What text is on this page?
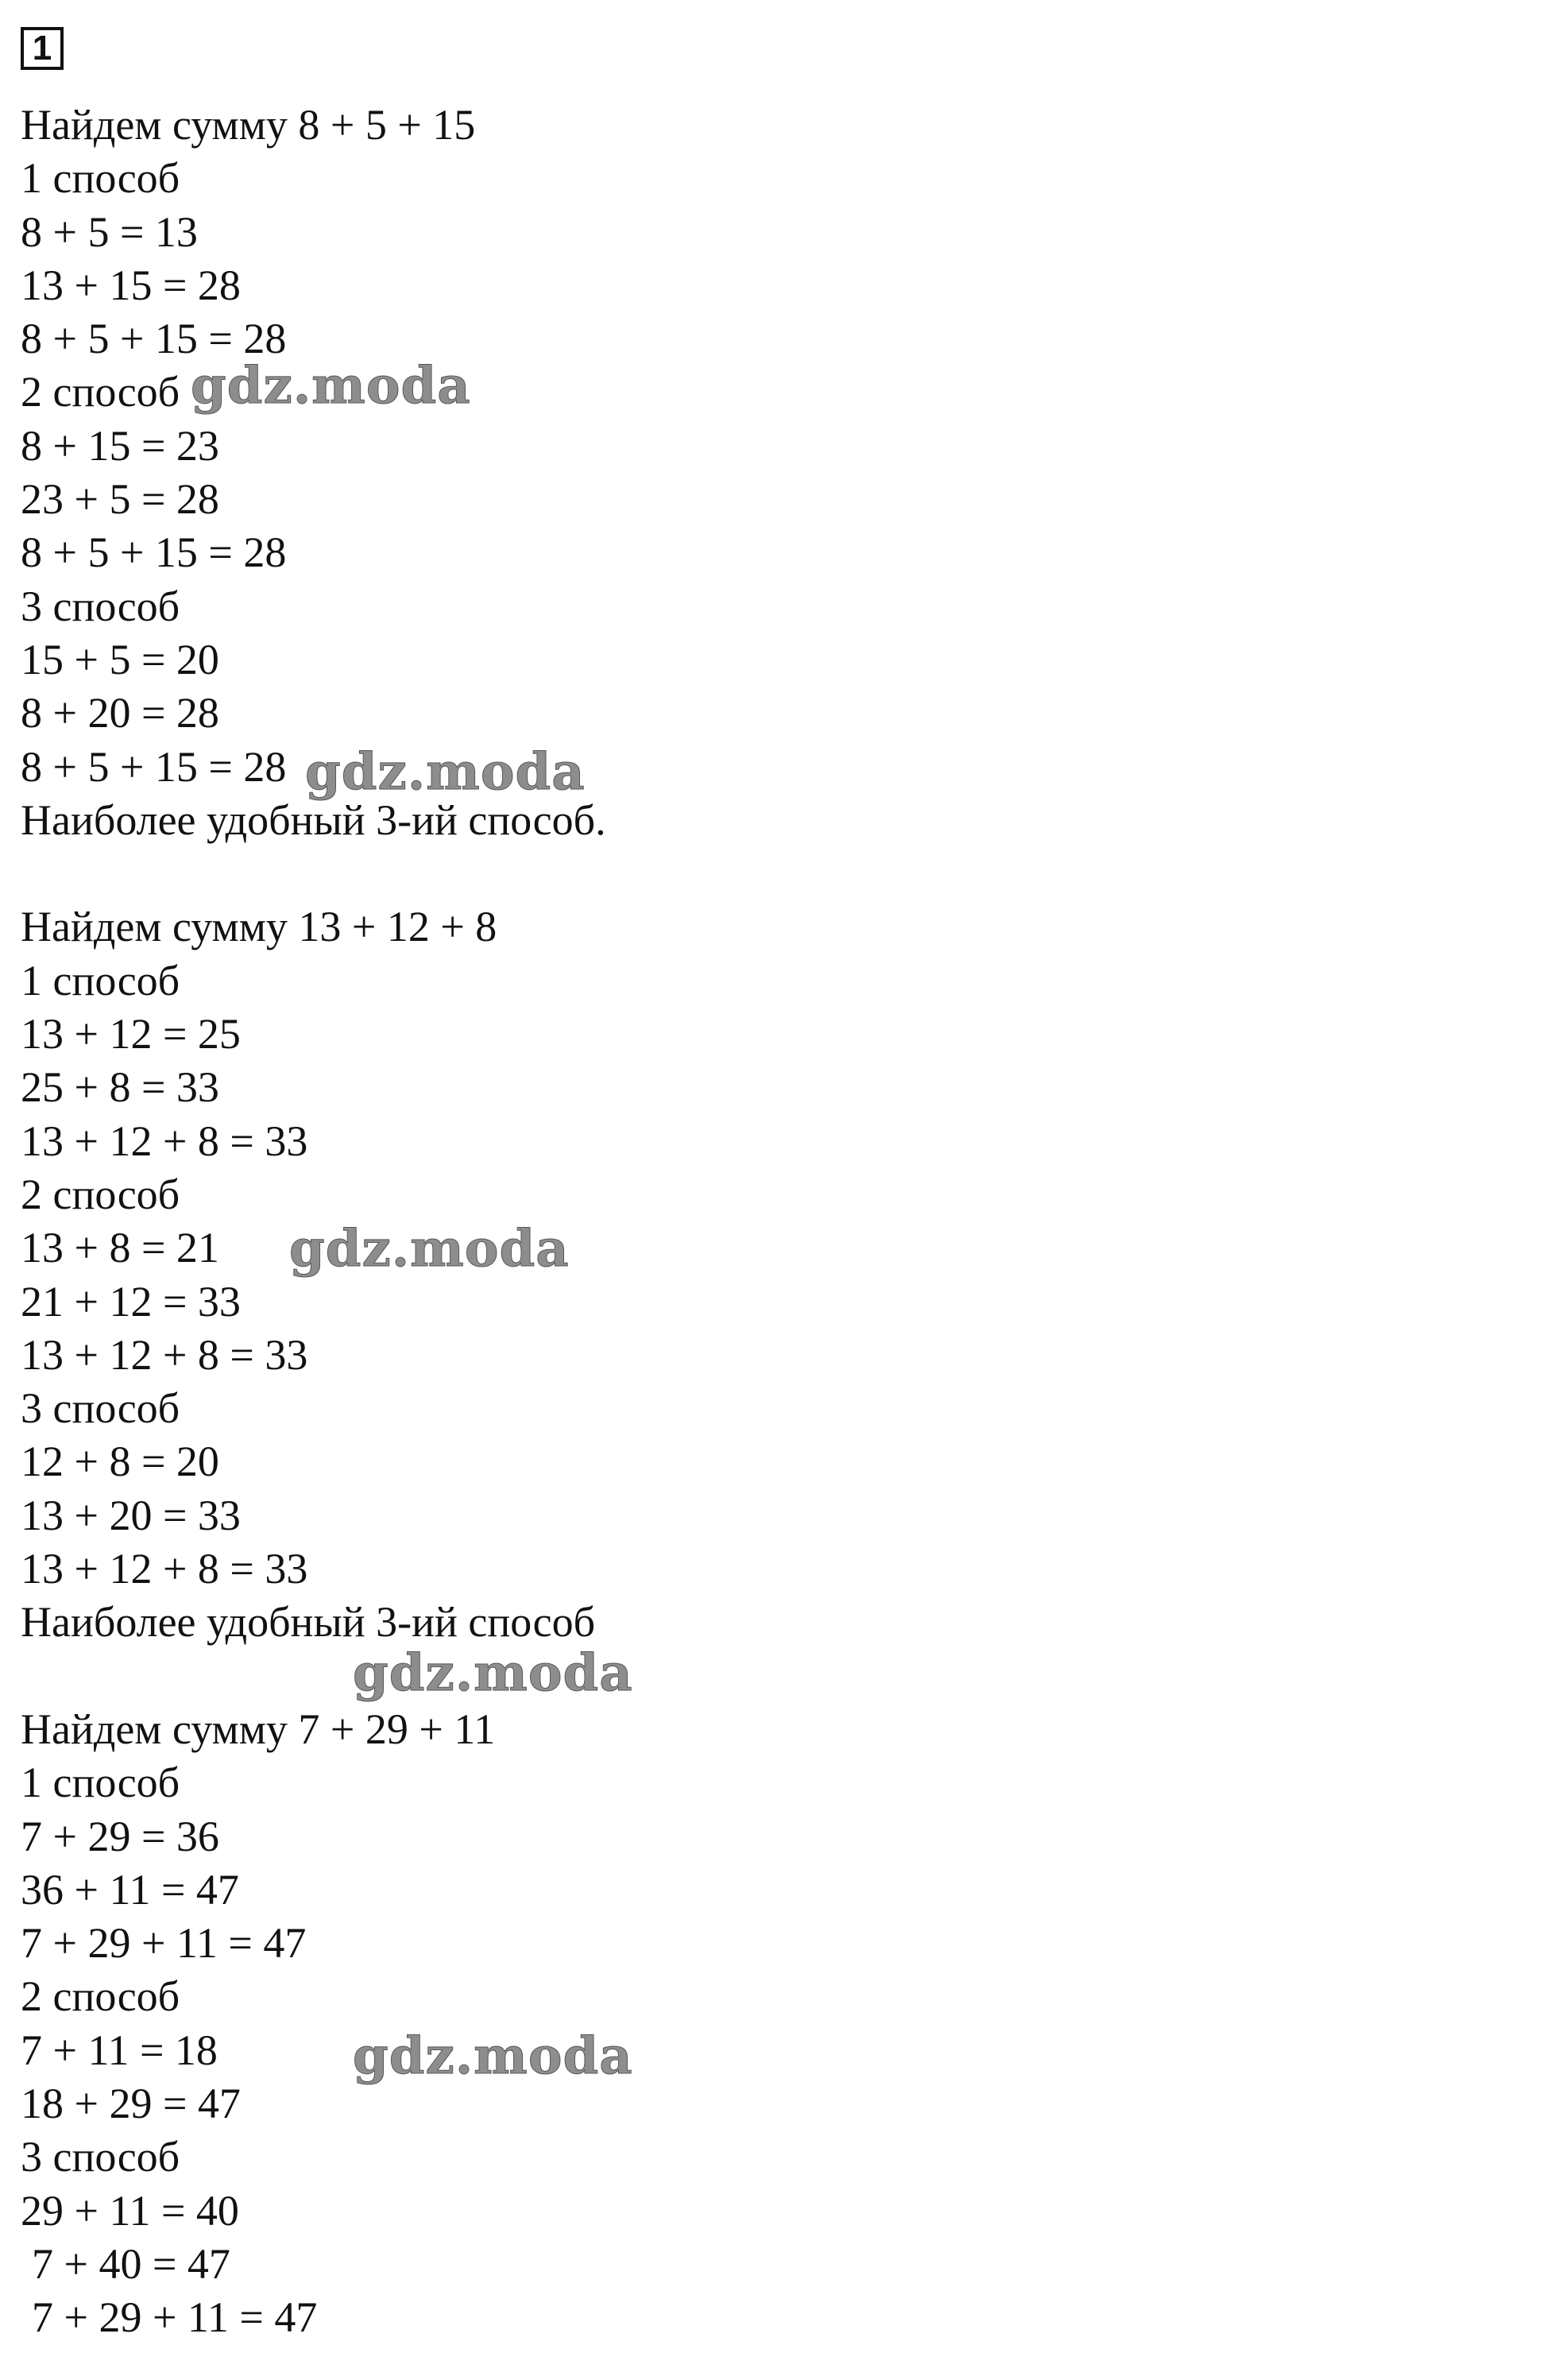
1
Найдем сумму 8 + 5 + 15
1 способ
8 + 5 = 13
13 + 15 = 28
8 + 5 + 15 = 28
2 способ
8 + 15 = 23
23 + 5 = 28
8 + 5 + 15 = 28
3 способ
15 + 5 = 20
8 + 20 = 28
8 + 5 + 15 = 28
Наиболее удобный 3-ий способ.
Найдем сумму 13 + 12 + 8
1 способ
13 + 12 = 25
25 + 8 = 33
13 + 12 + 8 = 33
2 способ
13 + 8 = 21
21 + 12 = 33
13 + 12 + 8 = 33
3 способ
12 + 8 = 20
13 + 20 = 33
13 + 12 + 8 = 33
Наиболее удобный 3-ий способ
Найдем сумму 7 + 29 + 11
1 способ
7 + 29 = 36
36 + 11 = 47
7 + 29 + 11 = 47
2 способ
7 + 11 = 18
18 + 29 = 47
3 способ
29 + 11 = 40
7 + 40 = 47
7 + 29 + 11 = 47
gdz.moda
gdz.moda
gdz.moda
gdz.moda
gdz.moda
